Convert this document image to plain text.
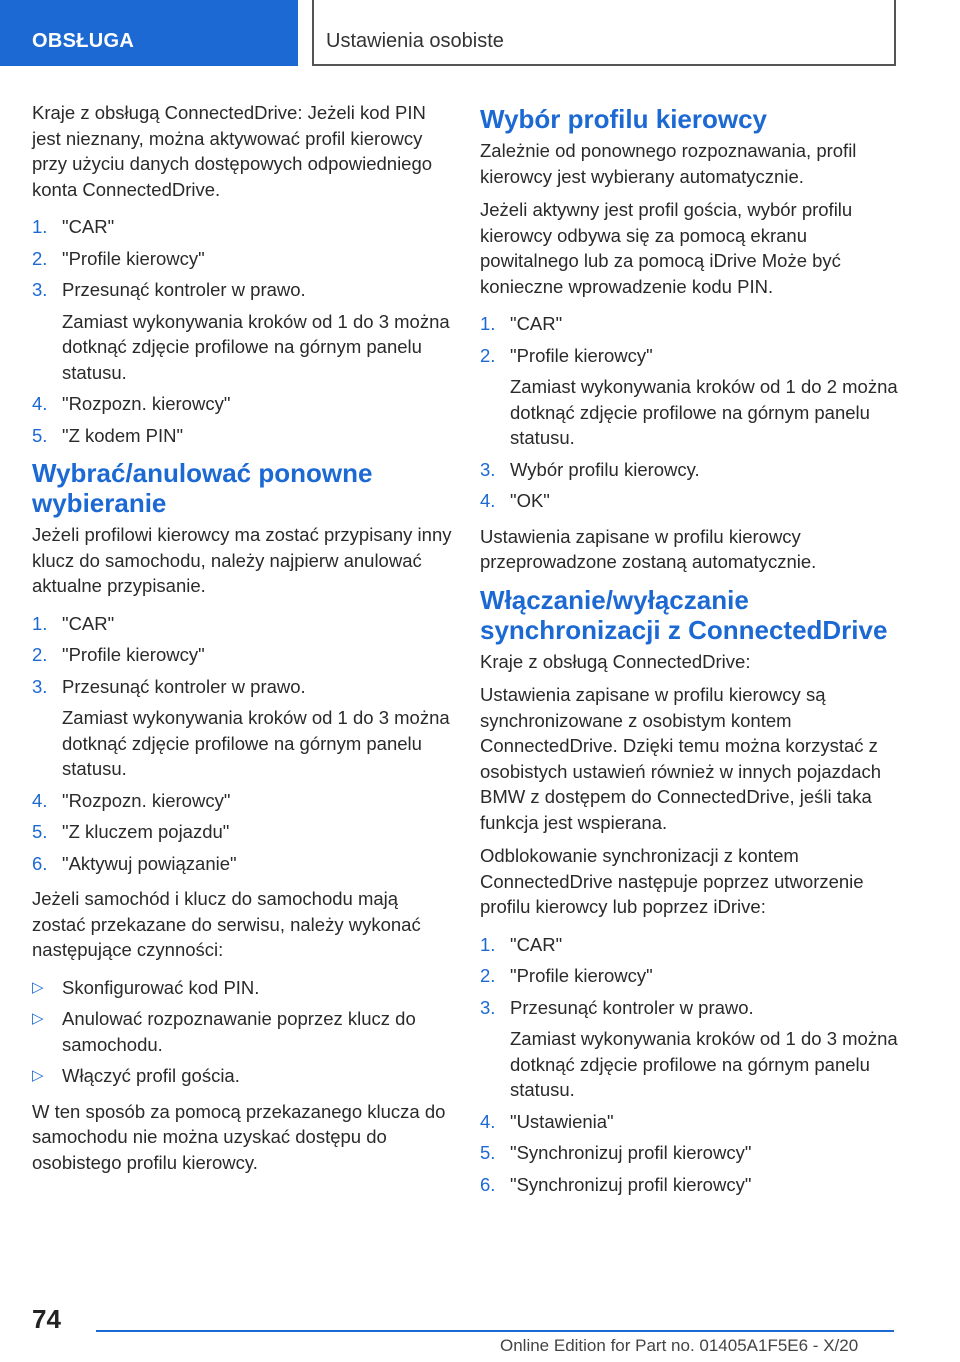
OBSŁUGA	Ustawienia osobiste

Kraje z obsługą ConnectedDrive: Jeżeli kod PIN jest nieznany, można aktywować profil kierowcy przy użyciu danych dostępowych odpowiedniego konta ConnectedDrive.

1. "CAR"
2. "Profile kierowcy"
3. Przesunąć kontroler w prawo.
Zamiast wykonywania kroków od 1 do 3 można dotknąć zdjęcie profilowe na górnym panelu statusu.
4. "Rozpozn. kierowcy"
5. "Z kodem PIN"
Wybrać/anulować ponowne wybieranie

Jeżeli profilowi kierowcy ma zostać przypisany inny klucz do samochodu, należy najpierw anulować aktualne przypisanie.

1. "CAR"
2. "Profile kierowcy"
3. Przesunąć kontroler w prawo.
Zamiast wykonywania kroków od 1 do 3 można dotknąć zdjęcie profilowe na górnym panelu statusu.
4. "Rozpozn. kierowcy"
5. "Z kluczem pojazdu"
6. "Aktywuj powiązanie"

Jeżeli samochód i klucz do samochodu mają zostać przekazane do serwisu, należy wykonać następujące czynności:

▷ Skonfigurować kod PIN.
▷ Anulować rozpoznawanie poprzez klucz do samochodu.
▷ Włączyć profil gościa.

W ten sposób za pomocą przekazanego klucza do samochodu nie można uzyskać dostępu do osobistego profilu kierowcy.

Wybór profilu kierowcy

Zależnie od ponownego rozpoznawania, profil kierowcy jest wybierany automatycznie.

Jeżeli aktywny jest profil gościa, wybór profilu kierowcy odbywa się za pomocą ekranu powitalnego lub za pomocą iDrive Może być konieczne wprowadzenie kodu PIN.

1. "CAR"
2. "Profile kierowcy"
Zamiast wykonywania kroków od 1 do 2 można dotknąć zdjęcie profilowe na górnym panelu statusu.
3. Wybór profilu kierowcy.
4. "OK"

Ustawienia zapisane w profilu kierowcy przeprowadzone zostaną automatycznie.

Włączanie/wyłączanie synchronizacji z ConnectedDrive

Kraje z obsługą ConnectedDrive:

Ustawienia zapisane w profilu kierowcy są synchronizowane z osobistym kontem ConnectedDrive. Dzięki temu można korzystać z osobistych ustawień również w innych pojazdach BMW z dostępem do ConnectedDrive, jeśli taka funkcja jest wspierana.

Odblokowanie synchronizacji z kontem ConnectedDrive następuje poprzez utworzenie profilu kierowcy lub poprzez iDrive:

1. "CAR"
2. "Profile kierowcy"
3. Przesunąć kontroler w prawo.
Zamiast wykonywania kroków od 1 do 3 można dotknąć zdjęcie profilowe na górnym panelu statusu.
4. "Ustawienia"
5. "Synchronizuj profil kierowcy"
6. "Synchronizuj profil kierowcy"
74
Online Edition for Part no. 01405A1F5E6 - X/20
